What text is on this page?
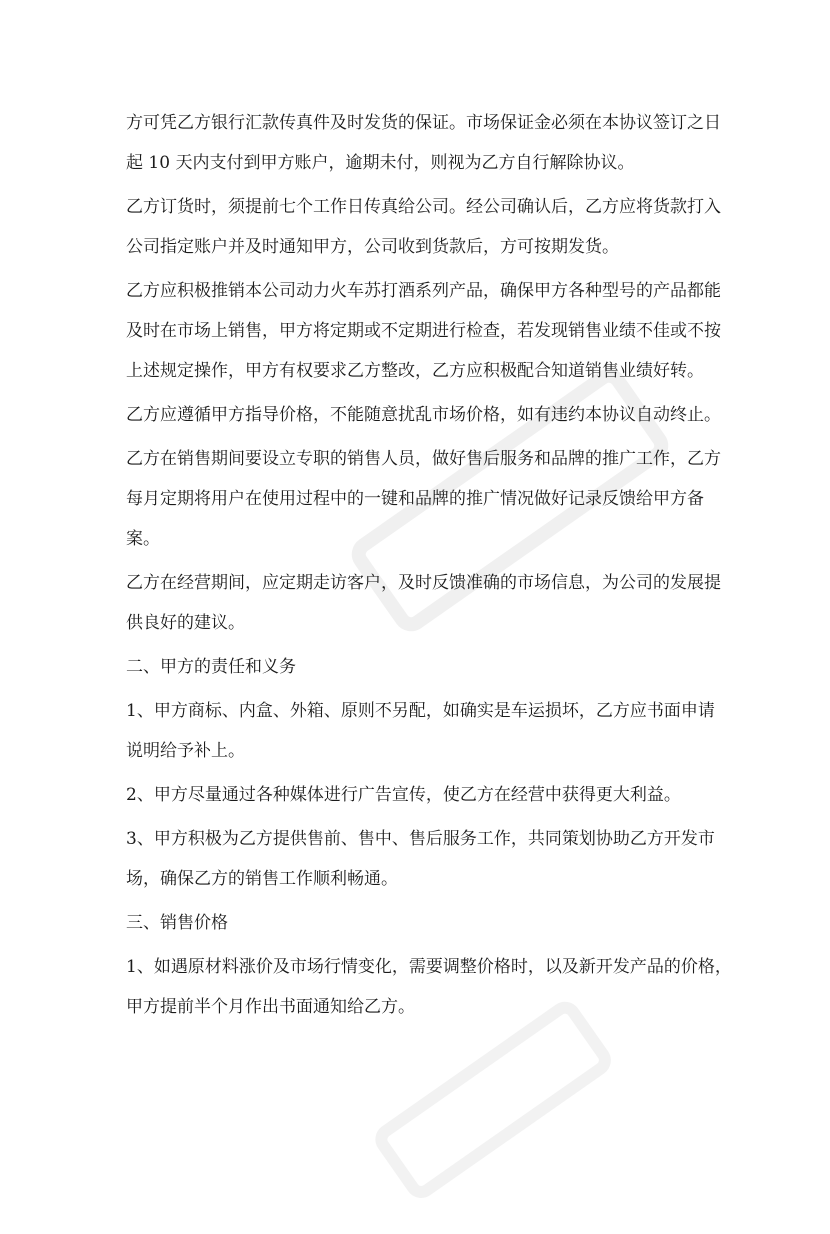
方可凭乙方银行汇款传真件及时发货的保证。市场保证金必须在本协议签订之日
起 10 天内支付到甲方账户，逾期未付，则视为乙方自行解除协议。

乙方订货时，须提前七个工作日传真给公司。经公司确认后，乙方应将货款打入
公司指定账户并及时通知甲方，公司收到货款后，方可按期发货。

乙方应积极推销本公司动力火车苏打酒系列产品，确保甲方各种型号的产品都能
及时在市场上销售，甲方将定期或不定期进行检查，若发现销售业绩不佳或不按
上述规定操作，甲方有权要求乙方整改，乙方应积极配合知道销售业绩好转。

乙方应遵循甲方指导价格，不能随意扰乱市场价格，如有违约本协议自动终止。

乙方在销售期间要设立专职的销售人员，做好售后服务和品牌的推广工作，乙方
每月定期将用户在使用过程中的一键和品牌的推广情况做好记录反馈给甲方备
案。

乙方在经营期间，应定期走访客户，及时反馈准确的市场信息，为公司的发展提
供良好的建议。

二、甲方的责任和义务

1、甲方商标、内盒、外箱、原则不另配，如确实是车运损坏，乙方应书面申请
说明给予补上。

2、甲方尽量通过各种媒体进行广告宣传，使乙方在经营中获得更大利益。

3、甲方积极为乙方提供售前、售中、售后服务工作，共同策划协助乙方开发市
场，确保乙方的销售工作顺利畅通。

三、销售价格

1、如遇原材料涨价及市场行情变化，需要调整价格时，以及新开发产品的价格，
甲方提前半个月作出书面通知给乙方。
